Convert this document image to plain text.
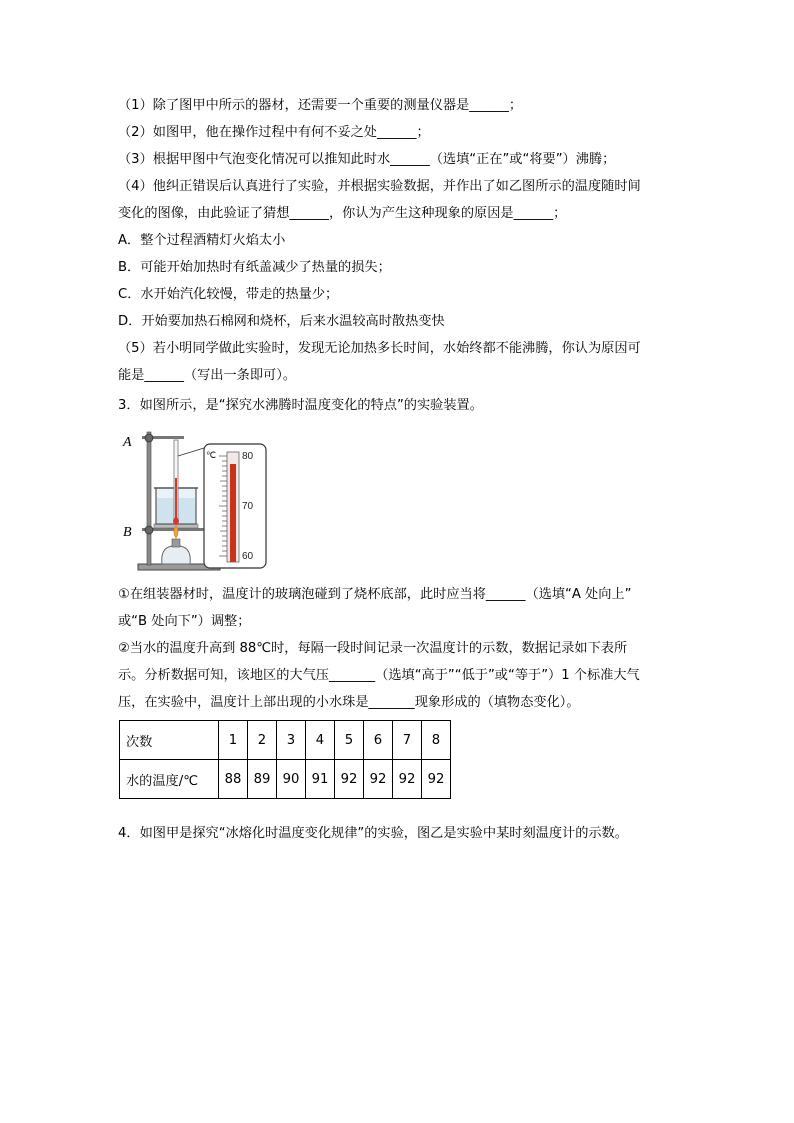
（1）除了图甲中所示的器材，还需要一个重要的测量仪器是______；
（2）如图甲，他在操作过程中有何不妥之处______；
（3）根据甲图中气泡变化情况可以推知此时水______（选填“正在”或“将要”）沸腾；
（4）他纠正错误后认真进行了实验，并根据实验数据，并作出了如乙图所示的温度随时间
变化的图像，由此验证了猜想______，你认为产生这种现象的原因是______；
A．整个过程酒精灯火焰太小
B．可能开始加热时有纸盖减少了热量的损失；
C．水开始汽化较慢，带走的热量少；
D．开始要加热石棉网和烧杯，后来水温较高时散热变快
（5）若小明同学做此实验时，发现无论加热多长时间，水始终都不能沸腾，你认为原因可
能是______（写出一条即可）。
3．如图所示，是“探究水沸腾时温度变化的特点”的实验装置。
①在组装器材时，温度计的玻璃泡碰到了烧杯底部，此时应当将______（选填“A 处向上”
或“B 处向下”）调整；
②当水的温度升高到 88℃时，每隔一段时间记录一次温度计的示数，数据记录如下表所
示。分析数据可知，该地区的大气压_______（选填“高于”“低于”或“等于”）1 个标准大气
压，在实验中，温度计上部出现的小水珠是_______现象形成的（填物态变化）。
4．如图甲是探究“冰熔化时温度变化规律”的实验，图乙是实验中某时刻温度计的示数。
℃	80
70
60
A
B
次数	1	2	3	4	5	6	7	8
水的温度/℃	88	89	90	91	92	92	92	92
